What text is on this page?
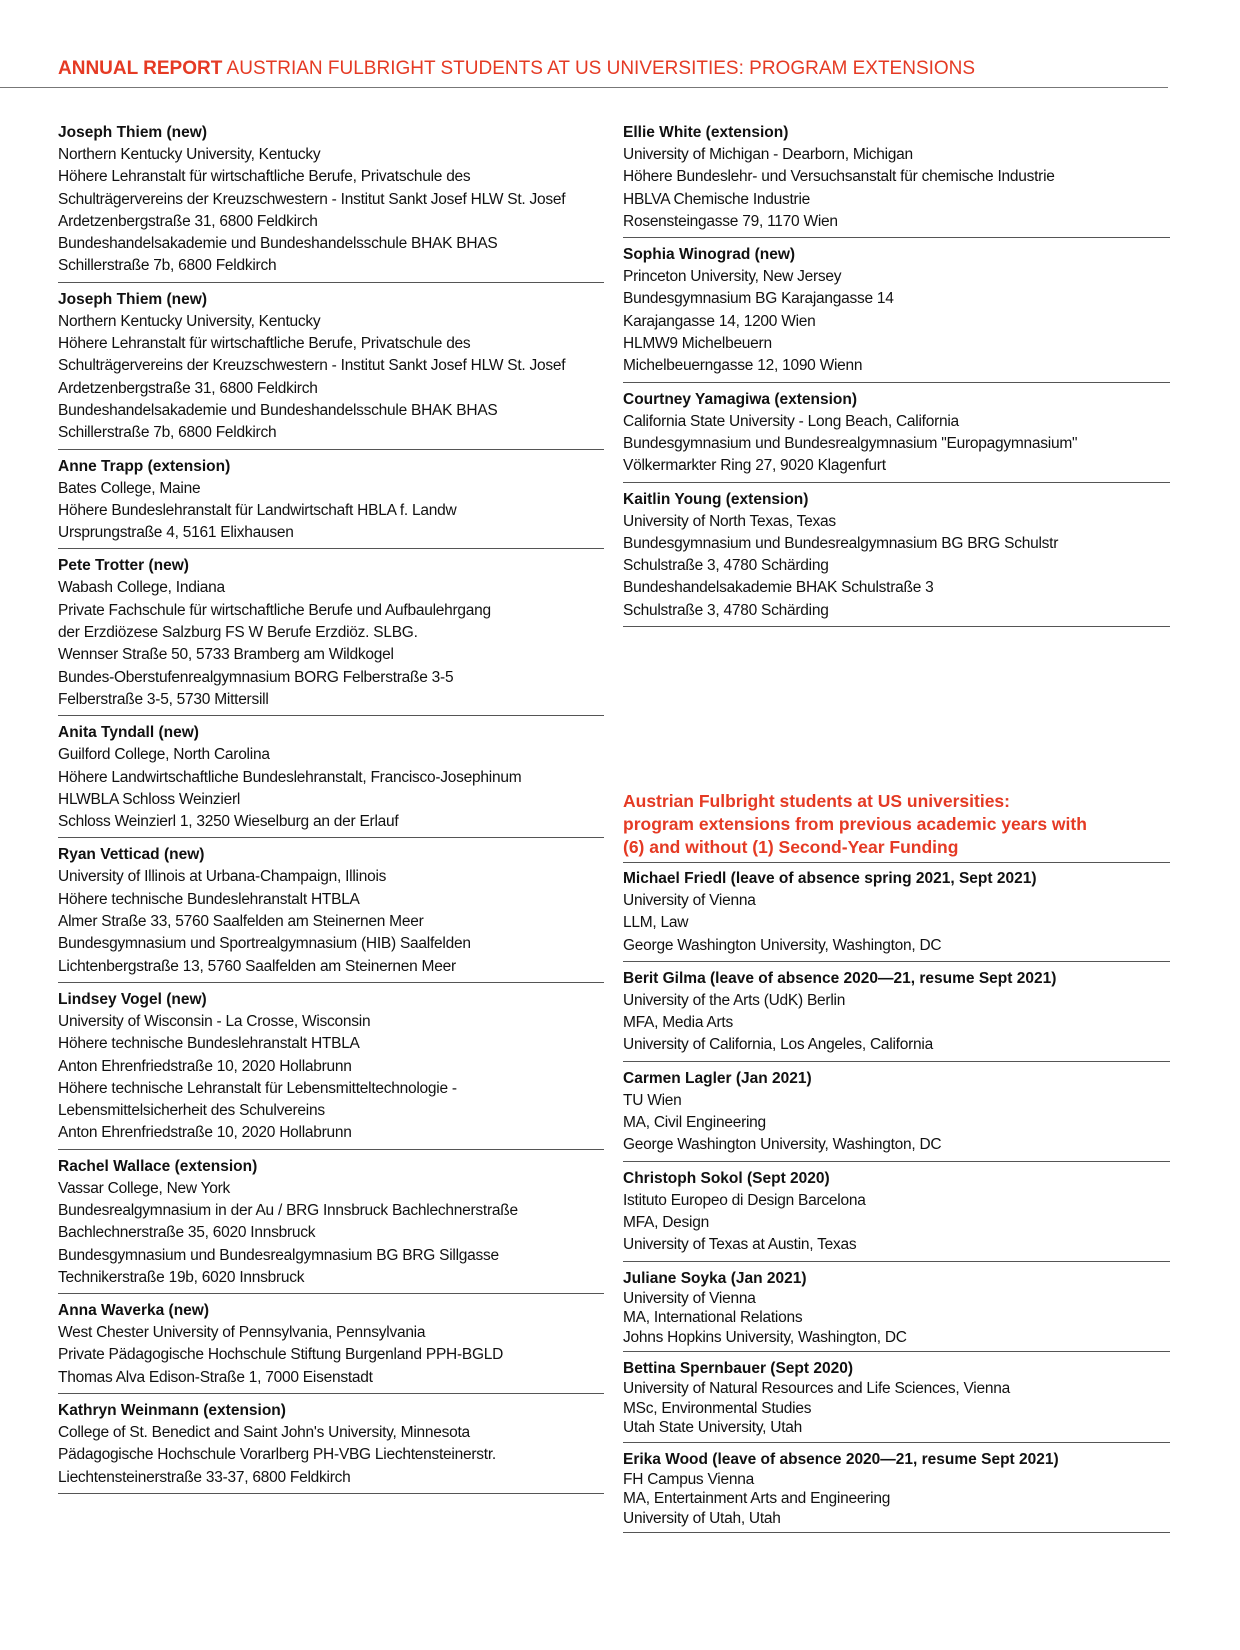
ANNUAL REPORT AUSTRIAN FULBRIGHT STUDENTS AT US UNIVERSITIES: PROGRAM EXTENSIONS
Joseph Thiem (new)
Northern Kentucky University, Kentucky
Höhere Lehranstalt für wirtschaftliche Berufe, Privatschule des
Schulträgervereins der Kreuzschwestern - Institut Sankt Josef HLW St. Josef
Ardetzenbergstraße 31, 6800 Feldkirch
Bundeshandelsakademie und Bundeshandelsschule BHAK BHAS
Schillerstraße 7b, 6800 Feldkirch
Joseph Thiem (new)
Northern Kentucky University, Kentucky
Höhere Lehranstalt für wirtschaftliche Berufe, Privatschule des
Schulträgervereins der Kreuzschwestern - Institut Sankt Josef HLW St. Josef
Ardetzenbergstraße 31, 6800 Feldkirch
Bundeshandelsakademie und Bundeshandelsschule BHAK BHAS
Schillerstraße 7b, 6800 Feldkirch
Anne Trapp (extension)
Bates College, Maine
Höhere Bundeslehranstalt für Landwirtschaft HBLA f. Landw
Ursprungstraße 4, 5161 Elixhausen
Pete Trotter (new)
Wabash College, Indiana
Private Fachschule für wirtschaftliche Berufe und Aufbaulehrgang
der Erzdiözese Salzburg FS W Berufe Erzdiöz. SLBG.
Wennser Straße 50, 5733 Bramberg am Wildkogel
Bundes-Oberstufenrealgymnasium BORG Felberstraße 3-5
Felberstraße 3-5, 5730 Mittersill
Anita Tyndall (new)
Guilford College, North Carolina
Höhere Landwirtschaftliche Bundeslehranstalt, Francisco-Josephinum
HLWBLA Schloss Weinzierl
Schloss Weinzierl 1, 3250 Wieselburg an der Erlauf
Ryan Vetticad (new)
University of Illinois at Urbana-Champaign, Illinois
Höhere technische Bundeslehranstalt HTBLA
Almer Straße 33, 5760 Saalfelden am Steinernen Meer
Bundesgymnasium und Sportrealgymnasium (HIB) Saalfelden
Lichtenbergstraße 13, 5760 Saalfelden am Steinernen Meer
Lindsey Vogel (new)
University of Wisconsin - La Crosse, Wisconsin
Höhere technische Bundeslehranstalt HTBLA
Anton Ehrenfriedstraße 10, 2020 Hollabrunn
Höhere technische Lehranstalt für Lebensmitteltechnologie -
Lebensmittelsicherheit des Schulvereins
Anton Ehrenfriedstraße 10, 2020 Hollabrunn
Rachel Wallace (extension)
Vassar College, New York
Bundesrealgymnasium in der Au / BRG Innsbruck Bachlechnerstraße
Bachlechnerstraße 35, 6020 Innsbruck
Bundesgymnasium und Bundesrealgymnasium BG BRG Sillgasse
Technikerstraße 19b, 6020 Innsbruck
Anna Waverka (new)
West Chester University of Pennsylvania, Pennsylvania
Private Pädagogische Hochschule Stiftung Burgenland PPH-BGLD
Thomas Alva Edison-Straße 1, 7000 Eisenstadt
Kathryn Weinmann (extension)
College of St. Benedict and Saint John's University, Minnesota
Pädagogische Hochschule Vorarlberg PH-VBG Liechtensteinerstr.
Liechtensteinerstraße 33-37, 6800 Feldkirch
Ellie White (extension)
University of Michigan - Dearborn, Michigan
Höhere Bundeslehr- und Versuchsanstalt für chemische Industrie
HBLVA Chemische Industrie
Rosensteingasse 79, 1170 Wien
Sophia Winograd (new)
Princeton University, New Jersey
Bundesgymnasium BG Karajangasse 14
Karajangasse 14, 1200 Wien
HLMW9 Michelbeuern
Michelbeuerngasse 12, 1090 Wienn
Courtney Yamagiwa (extension)
California State University - Long Beach, California
Bundesgymnasium und Bundesrealgymnasium "Europagymnasium"
Völkermarkter Ring 27, 9020 Klagenfurt
Kaitlin Young (extension)
University of North Texas, Texas
Bundesgymnasium und Bundesrealgymnasium BG BRG Schulstr
Schulstraße 3, 4780 Schärding
Bundeshandelsakademie BHAK Schulstraße 3
Schulstraße 3, 4780 Schärding
Austrian Fulbright students at US universities:
program extensions from previous academic years with
(6) and without (1) Second-Year Funding
Michael Friedl (leave of absence spring 2021, Sept 2021)
University of Vienna
LLM, Law
George Washington University, Washington, DC
Berit Gilma (leave of absence 2020—21, resume Sept 2021)
University of the Arts (UdK) Berlin
MFA, Media Arts
University of California, Los Angeles, California
Carmen Lagler (Jan 2021)
TU Wien
MA, Civil Engineering
George Washington University, Washington, DC
Christoph Sokol (Sept 2020)
Istituto Europeo di Design Barcelona
MFA, Design
University of Texas at Austin, Texas
Juliane Soyka (Jan 2021)
University of Vienna
MA, International Relations
Johns Hopkins University, Washington, DC
Bettina Spernbauer (Sept 2020)
University of Natural Resources and Life Sciences, Vienna
MSc, Environmental Studies
Utah State University, Utah
Erika Wood (leave of absence 2020—21, resume Sept 2021)
FH Campus Vienna
MA, Entertainment Arts and Engineering
University of Utah, Utah
